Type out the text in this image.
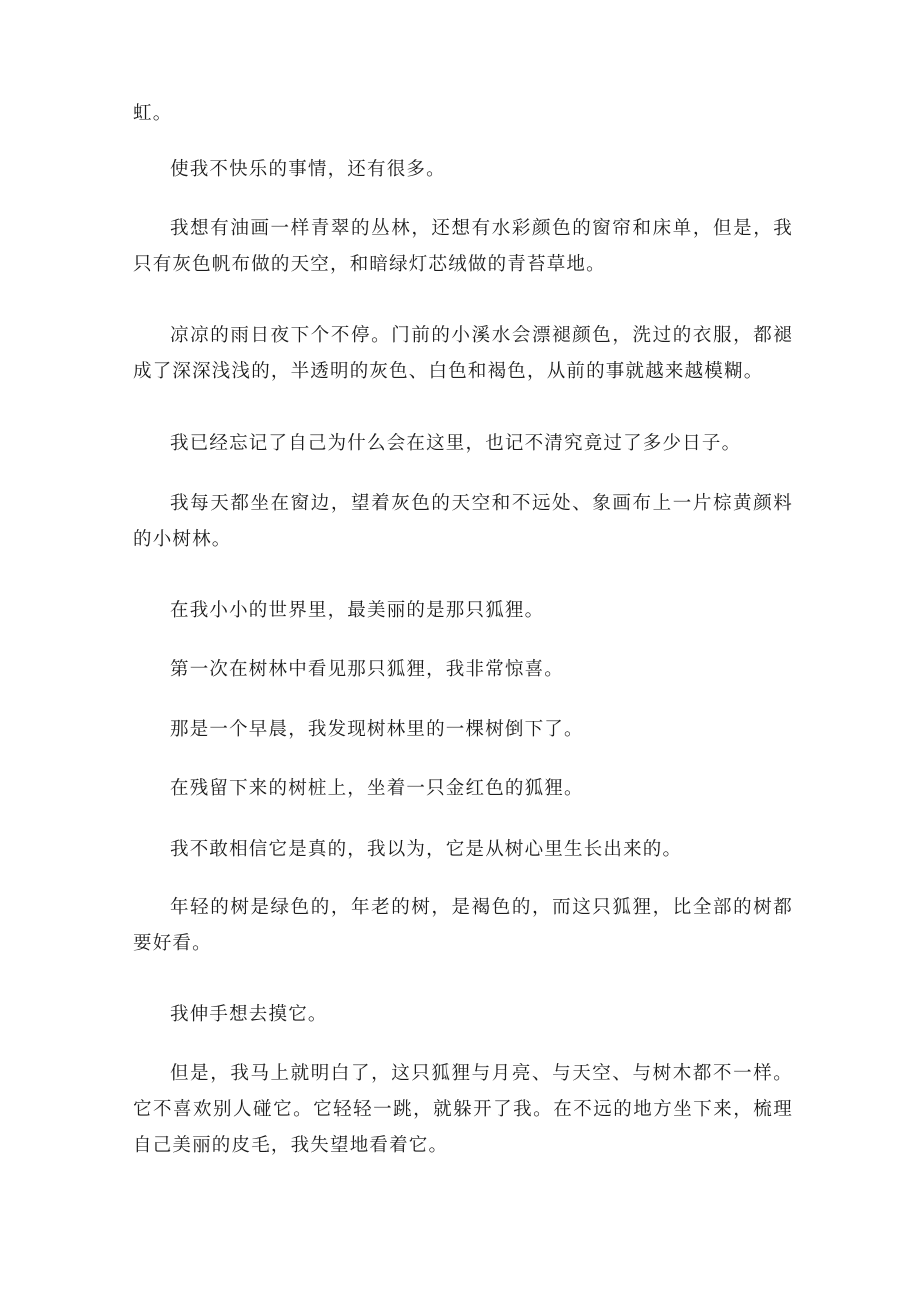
虹。

使我不快乐的事情，还有很多。

我想有油画一样青翠的丛林，还想有水彩颜色的窗帘和床单，但是，我只有灰色帆布做的天空，和暗绿灯芯绒做的青苔草地。

凉凉的雨日夜下个不停。门前的小溪水会漂褪颜色，洗过的衣服，都褪成了深深浅浅的，半透明的灰色、白色和褐色，从前的事就越来越模糊。

我已经忘记了自己为什么会在这里，也记不清究竟过了多少日子。

我每天都坐在窗边，望着灰色的天空和不远处、象画布上一片棕黄颜料的小树林。

在我小小的世界里，最美丽的是那只狐狸。

第一次在树林中看见那只狐狸，我非常惊喜。

那是一个早晨，我发现树林里的一棵树倒下了。

在残留下来的树桩上，坐着一只金红色的狐狸。

我不敢相信它是真的，我以为，它是从树心里生长出来的。

年轻的树是绿色的，年老的树，是褐色的，而这只狐狸，比全部的树都要好看。

我伸手想去摸它。

但是，我马上就明白了，这只狐狸与月亮、与天空、与树木都不一样。它不喜欢别人碰它。它轻轻一跳，就躲开了我。在不远的地方坐下来，梳理自己美丽的皮毛，我失望地看着它。
